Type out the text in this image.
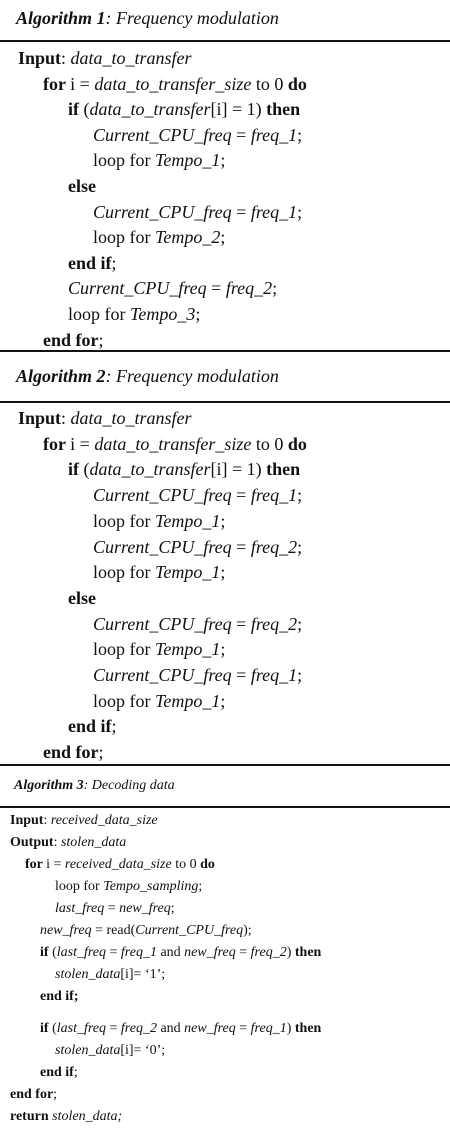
Algorithm 1: Frequency modulation
Input: data_to_transfer
for i = data_to_transfer_size to 0 do
if (data_to_transfer[i] = 1) then
Current_CPU_freq = freq_1;
loop for Tempo_1;
else
Current_CPU_freq = freq_1;
loop for Tempo_2;
end if;
Current_CPU_freq = freq_2;
loop for Tempo_3;
end for;
Algorithm 2: Frequency modulation
Input: data_to_transfer
for i = data_to_transfer_size to 0 do
if (data_to_transfer[i] = 1) then
Current_CPU_freq = freq_1;
loop for Tempo_1;
Current_CPU_freq = freq_2;
loop for Tempo_1;
else
Current_CPU_freq = freq_2;
loop for Tempo_1;
Current_CPU_freq = freq_1;
loop for Tempo_1;
end if;
end for;
Algorithm 3: Decoding data
Input: received_data_size
Output: stolen_data
for i = received_data_size to 0 do
loop for Tempo_sampling;
last_freq = new_freq;
new_freq = read(Current_CPU_freq);
if (last_freq = freq_1 and new_freq = freq_2) then
stolen_data[i]= ‘1’;
end if;
if (last_freq = freq_2 and new_freq = freq_1) then
stolen_data[i]= ‘0’;
end if;
end for;
return stolen_data;
